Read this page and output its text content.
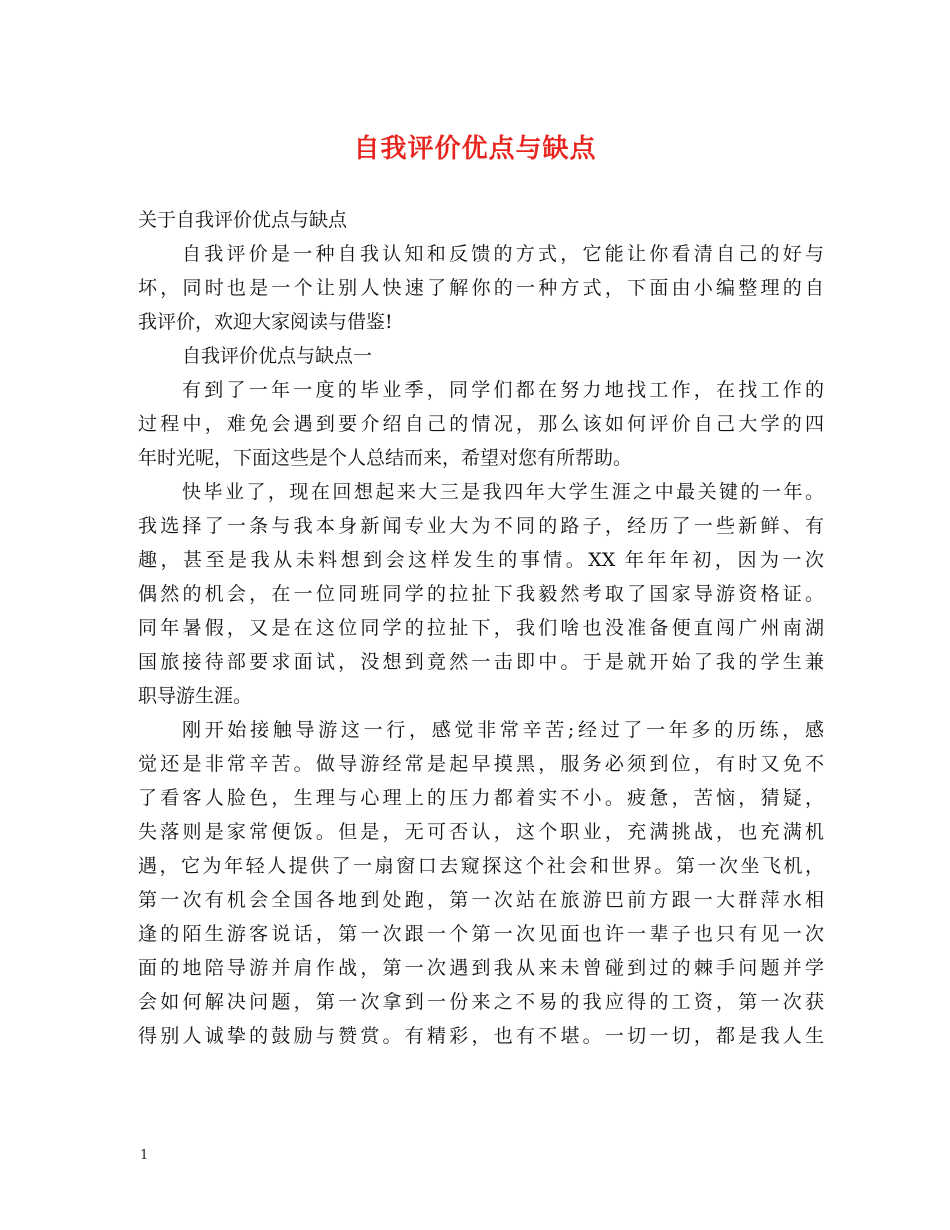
自我评价优点与缺点
关于自我评价优点与缺点
自我评价是一种自我认知和反馈的方式，它能让你看清自己的好与
坏，同时也是一个让别人快速了解你的一种方式，下面由小编整理的自
我评价，欢迎大家阅读与借鉴!
自我评价优点与缺点一
有到了一年一度的毕业季，同学们都在努力地找工作，在找工作的
过程中，难免会遇到要介绍自己的情况，那么该如何评价自己大学的四
年时光呢，下面这些是个人总结而来，希望对您有所帮助。
快毕业了，现在回想起来大三是我四年大学生涯之中最关键的一年。
我选择了一条与我本身新闻专业大为不同的路子，经历了一些新鲜、有
趣，甚至是我从未料想到会这样发生的事情。XX 年年年初，因为一次
偶然的机会，在一位同班同学的拉扯下我毅然考取了国家导游资格证。
同年暑假，又是在这位同学的拉扯下，我们啥也没准备便直闯广州南湖
国旅接待部要求面试，没想到竟然一击即中。于是就开始了我的学生兼
职导游生涯。
刚开始接触导游这一行，感觉非常辛苦;经过了一年多的历练，感
觉还是非常辛苦。做导游经常是起早摸黑，服务必须到位，有时又免不
了看客人脸色，生理与心理上的压力都着实不小。疲惫，苦恼，猜疑，
失落则是家常便饭。但是，无可否认，这个职业，充满挑战，也充满机
遇，它为年轻人提供了一扇窗口去窥探这个社会和世界。第一次坐飞机，
第一次有机会全国各地到处跑，第一次站在旅游巴前方跟一大群萍水相
逢的陌生游客说话，第一次跟一个第一次见面也许一辈子也只有见一次
面的地陪导游并肩作战，第一次遇到我从来未曾碰到过的棘手问题并学
会如何解决问题，第一次拿到一份来之不易的我应得的工资，第一次获
得别人诚挚的鼓励与赞赏。有精彩，也有不堪。一切一切，都是我人生
1
